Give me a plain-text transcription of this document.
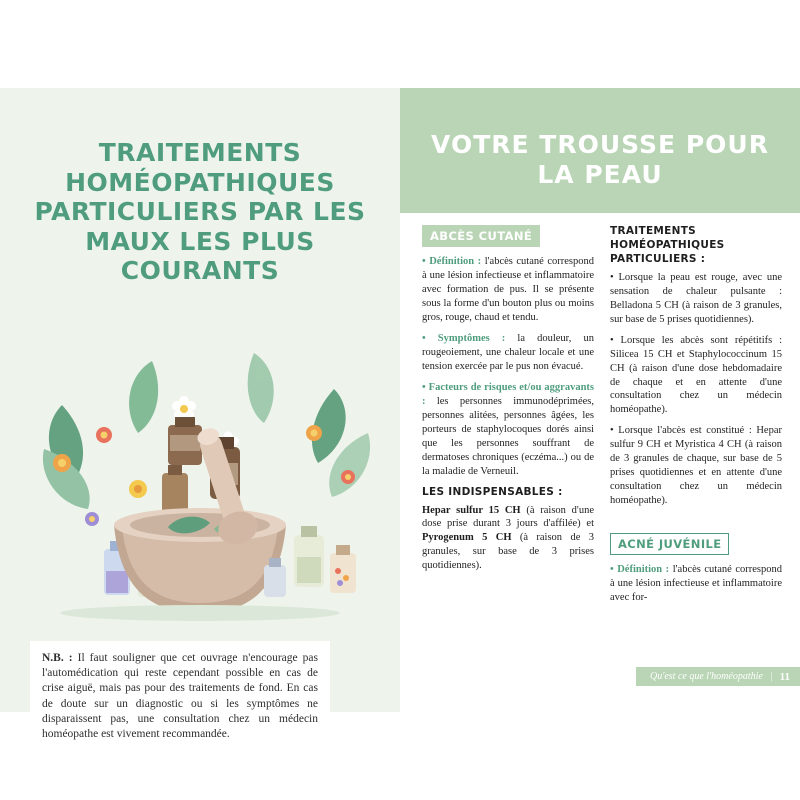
TRAITEMENTS HOMÉOPATHIQUES PARTICULIERS PAR LES MAUX LES PLUS COURANTS
N.B. : Il faut souligner que cet ouvrage n'encourage pas l'automédication qui reste cependant possible en cas de crise aiguë, mais pas pour des traitements de fond. En cas de doute sur un diagnostic ou si les symptômes ne disparaissent pas, une consultation chez un médecin homéopathe est vivement recommandée.
VOTRE TROUSSE POUR LA PEAU
ABCÈS CUTANÉ

• Définition : l'abcès cutané correspond à une lésion infectieuse et inflammatoire avec formation de pus. Il se présente sous la forme d'un bouton plus ou moins gros, rouge, chaud et tendu.

• Symptômes : la douleur, un rougeoiement, une chaleur locale et une tension exercée par le pus non évacué.

• Facteurs de risques et/ou aggravants : les personnes immunodéprimées, personnes alitées, personnes âgées, les porteurs de staphylocoques dorés ainsi que les personnes souffrant de dermatoses chroniques (eczéma...) ou de la maladie de Verneuil.

LES INDISPENSABLES :

Hepar sulfur 15 CH (à raison d'une dose prise durant 3 jours d'affilée) et Pyrogenum 5 CH (à raison de 3 granules, sur base de 3 prises quotidiennes).

TRAITEMENTS HOMÉOPATHIQUES PARTICULIERS :

• Lorsque la peau est rouge, avec une sensation de chaleur pulsante : Belladona 5 CH (à raison de 3 granules, sur base de 5 prises quotidiennes).

• Lorsque les abcès sont répétitifs : Silicea 15 CH et Staphylococcinum 15 CH (à raison d'une dose hebdomadaire de chaque et en attente d'une consultation chez un médecin homéopathe).

• Lorsque l'abcès est constitué : Hepar sulfur 9 CH et Myristica 4 CH (à raison de 3 granules de chaque, sur base de 5 prises quotidiennes et en attente d'une consultation chez un médecin homéopathe).

ACNÉ JUVÉNILE

• Définition : l'abcès cutané correspond à une lésion infectieuse et inflammatoire avec for-

Qu'est ce que l'homéopathie | 11
